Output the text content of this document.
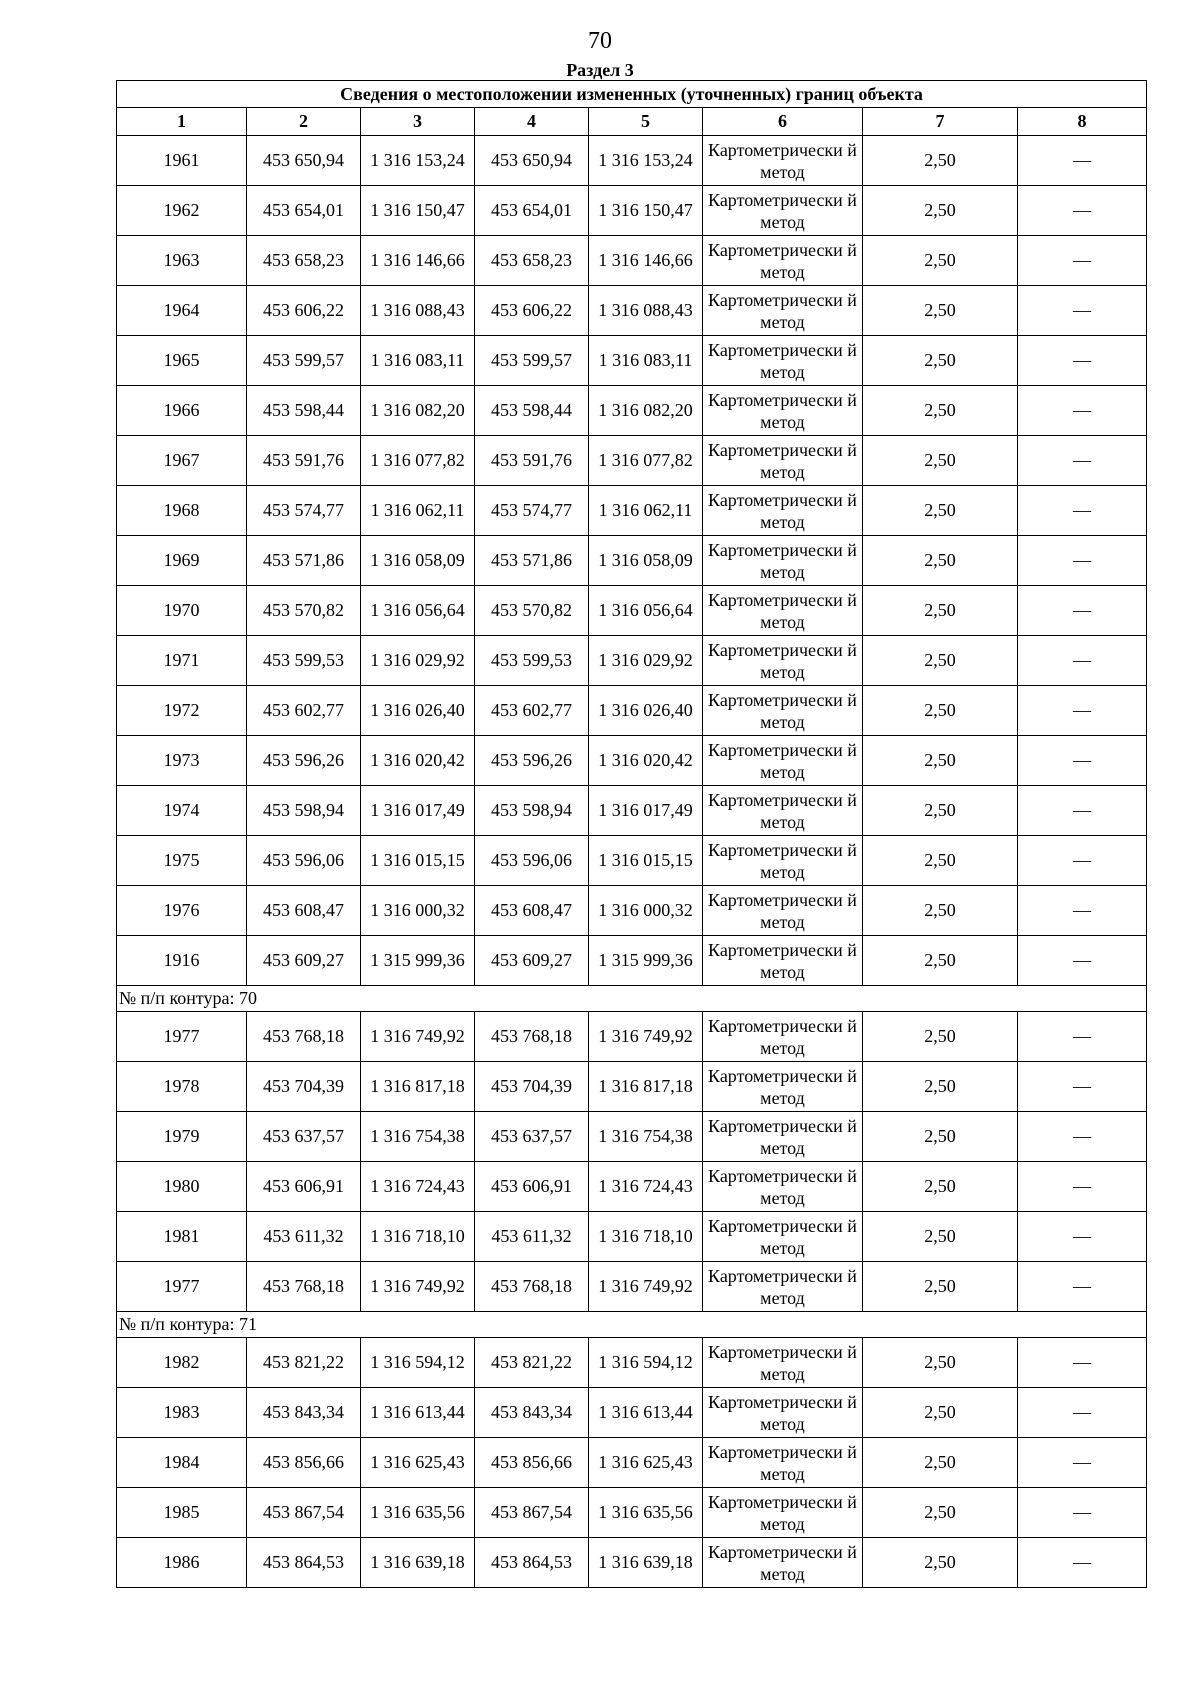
70
Раздел 3
Сведения о местоположении измененных (уточненных) границ объекта							
1	2	3	4	5	6	7	8
1961	453 650,94	1 316 153,24	453 650,94	1 316 153,24	Картометрически й метод	2,50	—
1962	453 654,01	1 316 150,47	453 654,01	1 316 150,47	Картометрически й метод	2,50	—
1963	453 658,23	1 316 146,66	453 658,23	1 316 146,66	Картометрически й метод	2,50	—
1964	453 606,22	1 316 088,43	453 606,22	1 316 088,43	Картометрически й метод	2,50	—
1965	453 599,57	1 316 083,11	453 599,57	1 316 083,11	Картометрически й метод	2,50	—
1966	453 598,44	1 316 082,20	453 598,44	1 316 082,20	Картометрически й метод	2,50	—
1967	453 591,76	1 316 077,82	453 591,76	1 316 077,82	Картометрически й метод	2,50	—
1968	453 574,77	1 316 062,11	453 574,77	1 316 062,11	Картометрически й метод	2,50	—
1969	453 571,86	1 316 058,09	453 571,86	1 316 058,09	Картометрически й метод	2,50	—
1970	453 570,82	1 316 056,64	453 570,82	1 316 056,64	Картометрически й метод	2,50	—
1971	453 599,53	1 316 029,92	453 599,53	1 316 029,92	Картометрически й метод	2,50	—
1972	453 602,77	1 316 026,40	453 602,77	1 316 026,40	Картометрически й метод	2,50	—
1973	453 596,26	1 316 020,42	453 596,26	1 316 020,42	Картометрически й метод	2,50	—
1974	453 598,94	1 316 017,49	453 598,94	1 316 017,49	Картометрически й метод	2,50	—
1975	453 596,06	1 316 015,15	453 596,06	1 316 015,15	Картометрически й метод	2,50	—
1976	453 608,47	1 316 000,32	453 608,47	1 316 000,32	Картометрически й метод	2,50	—
1916	453 609,27	1 315 999,36	453 609,27	1 315 999,36	Картометрически й метод	2,50	—
№ п/п контура: 70							
1977	453 768,18	1 316 749,92	453 768,18	1 316 749,92	Картометрически й метод	2,50	—
1978	453 704,39	1 316 817,18	453 704,39	1 316 817,18	Картометрически й метод	2,50	—
1979	453 637,57	1 316 754,38	453 637,57	1 316 754,38	Картометрически й метод	2,50	—
1980	453 606,91	1 316 724,43	453 606,91	1 316 724,43	Картометрически й метод	2,50	—
1981	453 611,32	1 316 718,10	453 611,32	1 316 718,10	Картометрически й метод	2,50	—
1977	453 768,18	1 316 749,92	453 768,18	1 316 749,92	Картометрически й метод	2,50	—
№ п/п контура: 71							
1982	453 821,22	1 316 594,12	453 821,22	1 316 594,12	Картометрически й метод	2,50	—
1983	453 843,34	1 316 613,44	453 843,34	1 316 613,44	Картометрически й метод	2,50	—
1984	453 856,66	1 316 625,43	453 856,66	1 316 625,43	Картометрически й метод	2,50	—
1985	453 867,54	1 316 635,56	453 867,54	1 316 635,56	Картометрически й метод	2,50	—
1986	453 864,53	1 316 639,18	453 864,53	1 316 639,18	Картометрически й метод	2,50	—
